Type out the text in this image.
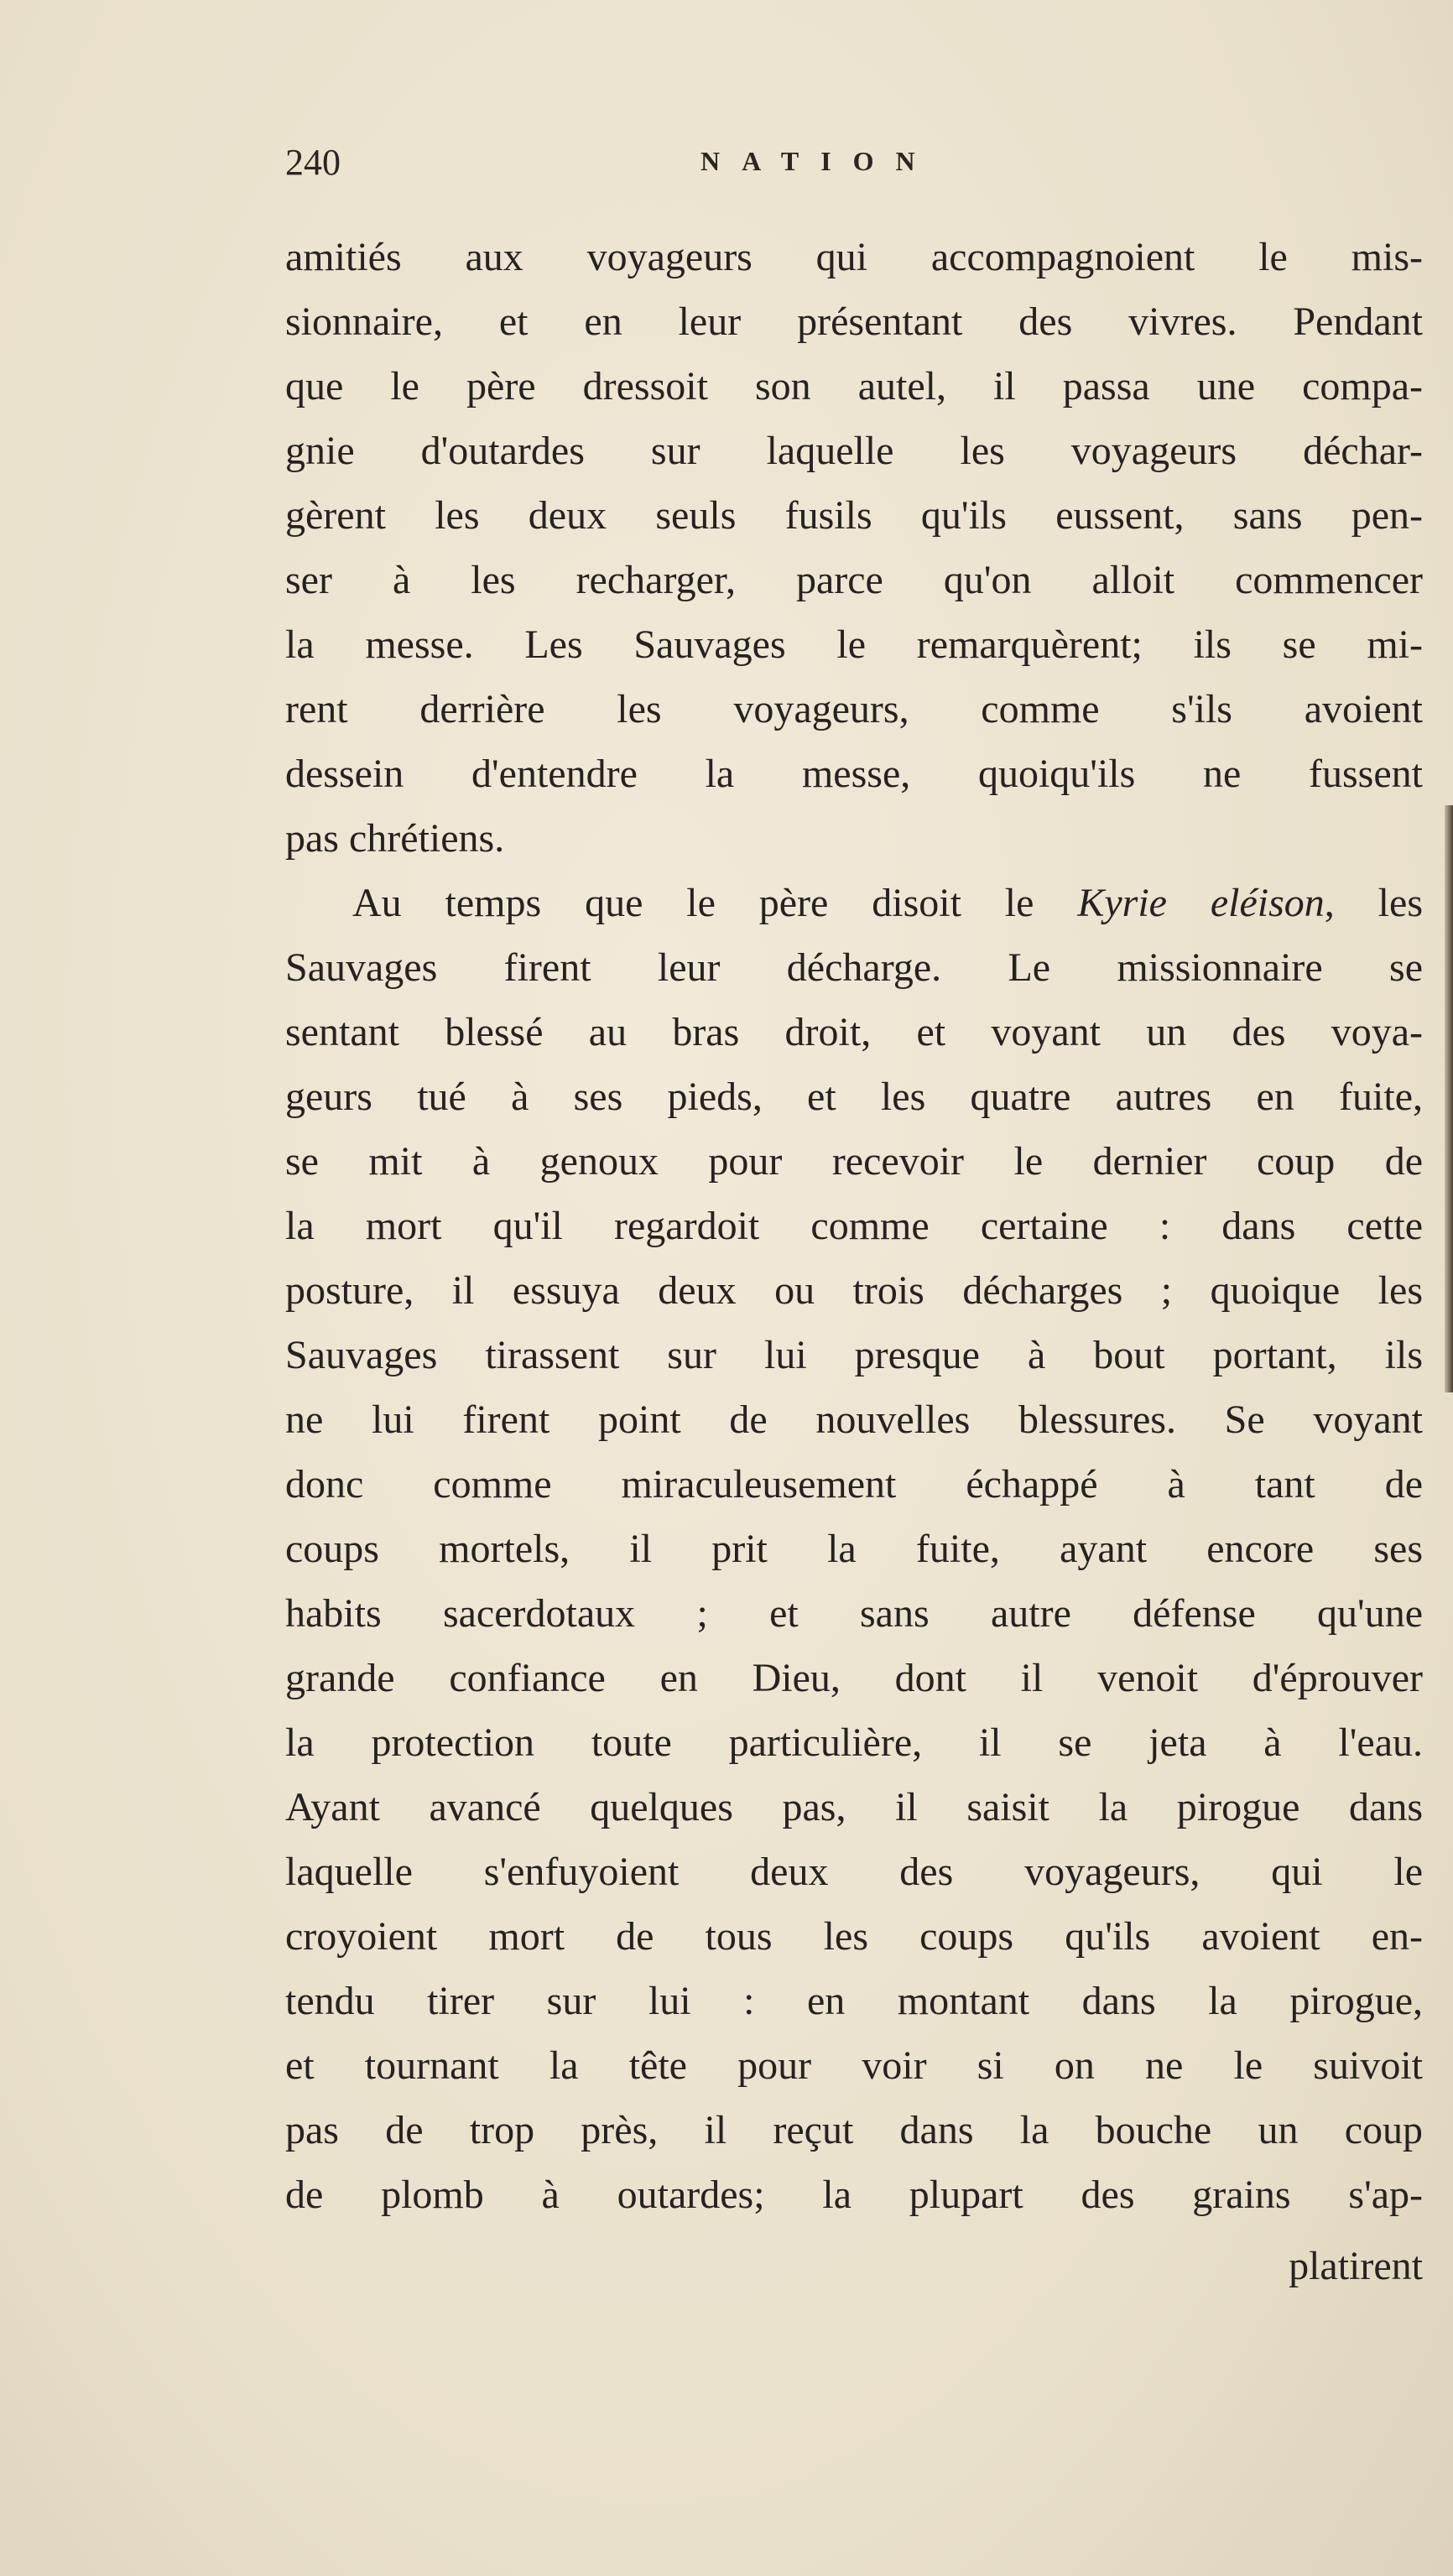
240	NATION
amitiés aux voyageurs qui accompagnoient le mis-
sionnaire, et en leur présentant des vivres. Pendant
que le père dressoit son autel, il passa une compa-
gnie d'outardes sur laquelle les voyageurs déchar-
gèrent les deux seuls fusils qu'ils eussent, sans pen-
ser à les recharger, parce qu'on alloit commencer
la messe. Les Sauvages le remarquèrent; ils se mi-
rent derrière les voyageurs, comme s'ils avoient
dessein d'entendre la messe, quoiqu'ils ne fussent
pas chrétiens.
Au temps que le père disoit le Kyrie eléison, les
Sauvages firent leur décharge. Le missionnaire se
sentant blessé au bras droit, et voyant un des voya-
geurs tué à ses pieds, et les quatre autres en fuite,
se mit à genoux pour recevoir le dernier coup de
la mort qu'il regardoit comme certaine : dans cette
posture, il essuya deux ou trois décharges ; quoique les
Sauvages tirassent sur lui presque à bout portant, ils
ne lui firent point de nouvelles blessures. Se voyant
donc comme miraculeusement échappé à tant de
coups mortels, il prit la fuite, ayant encore ses
habits sacerdotaux ; et sans autre défense qu'une
grande confiance en Dieu, dont il venoit d'éprouver
la protection toute particulière, il se jeta à l'eau.
Ayant avancé quelques pas, il saisit la pirogue dans
laquelle s'enfuyoient deux des voyageurs, qui le
croyoient mort de tous les coups qu'ils avoient en-
tendu tirer sur lui : en montant dans la pirogue,
et tournant la tête pour voir si on ne le suivoit
pas de trop près, il reçut dans la bouche un coup
de plomb à outardes; la plupart des grains s'ap-
platirent
